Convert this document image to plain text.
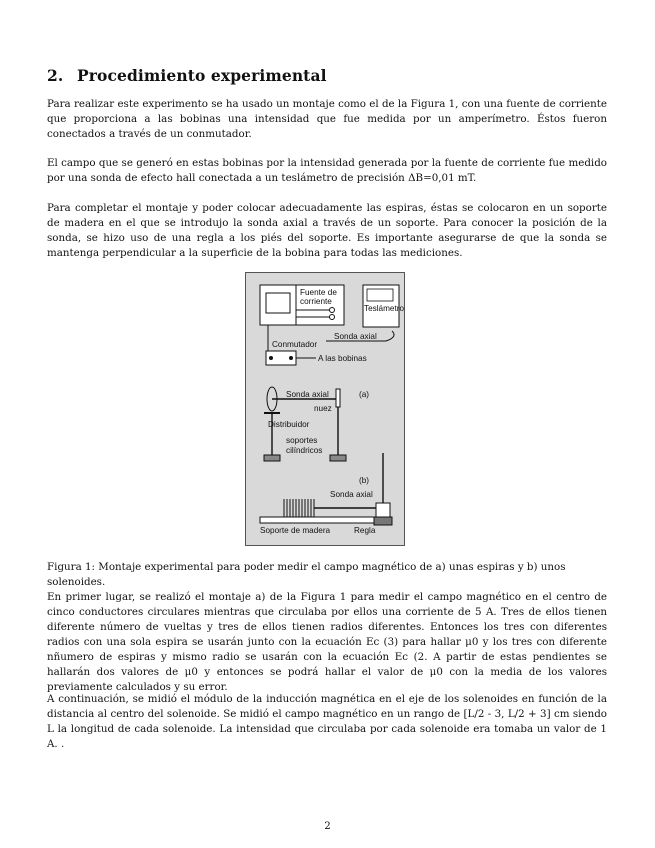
2. Procedimiento experimental

Para realizar este experimento se ha usado un montaje como el de la Figura 1, con una fuente de corriente que proporciona a las bobinas una intensidad que fue medida por un amperímetro. Éstos fueron conectados a través de un conmutador.

El campo que se generó en estas bobinas por la intensidad generada por la fuente de corriente fue medido por una sonda de efecto hall conectada a un teslámetro de precisión ΔB=0,01 mT.

Para completar el montaje y poder colocar adecuadamente las espiras, éstas se colocaron en un soporte de madera en el que se introdujo la sonda axial a través de un soporte. Para conocer la posición de la sonda, se hizo uso de una regla a los piés del soporte. Es importante asegurarse de que la sonda se mantenga perpendicular a la superficie de la bobina para todas las mediciones.

Fuente de
corriente
Teslámetro
Sonda axial
Conmutador
A las bobinas
Sonda axial	(a)
nuez
Distribuidor
soportes
cilíndricos
(b)
Sonda axial
Soporte de madera	Regla

Figura 1: Montaje experimental para poder medir el campo magnético de a) unas espiras y b) unos solenoides.

En primer lugar, se realizó el montaje a) de la Figura 1 para medir el campo magnético en el centro de cinco conductores circulares mientras que circulaba por ellos una corriente de 5 A. Tres de ellos tienen diferente número de vueltas y tres de ellos tienen radios diferentes. Entonces los tres con diferentes radios con una sola espira se usarán junto con la ecuación Ec (3) para hallar μ0 y los tres con diferente nñumero de espiras y mismo radio se usarán con la ecuación Ec (2. A partir de estas pendientes se hallarán dos valores de μ0 y entonces se podrá hallar el valor de μ0 con la media de los valores previamente calculados y su error.

A continuación, se midió el módulo de la inducción magnética en el eje de los solenoides en función de la distancia al centro del solenoide. Se midió el campo magnético en un rango de [L/2 - 3, L/2 + 3] cm siendo L la longitud de cada solenoide. La intensidad que circulaba por cada solenoide era tomaba un valor de 1 A. .

2
